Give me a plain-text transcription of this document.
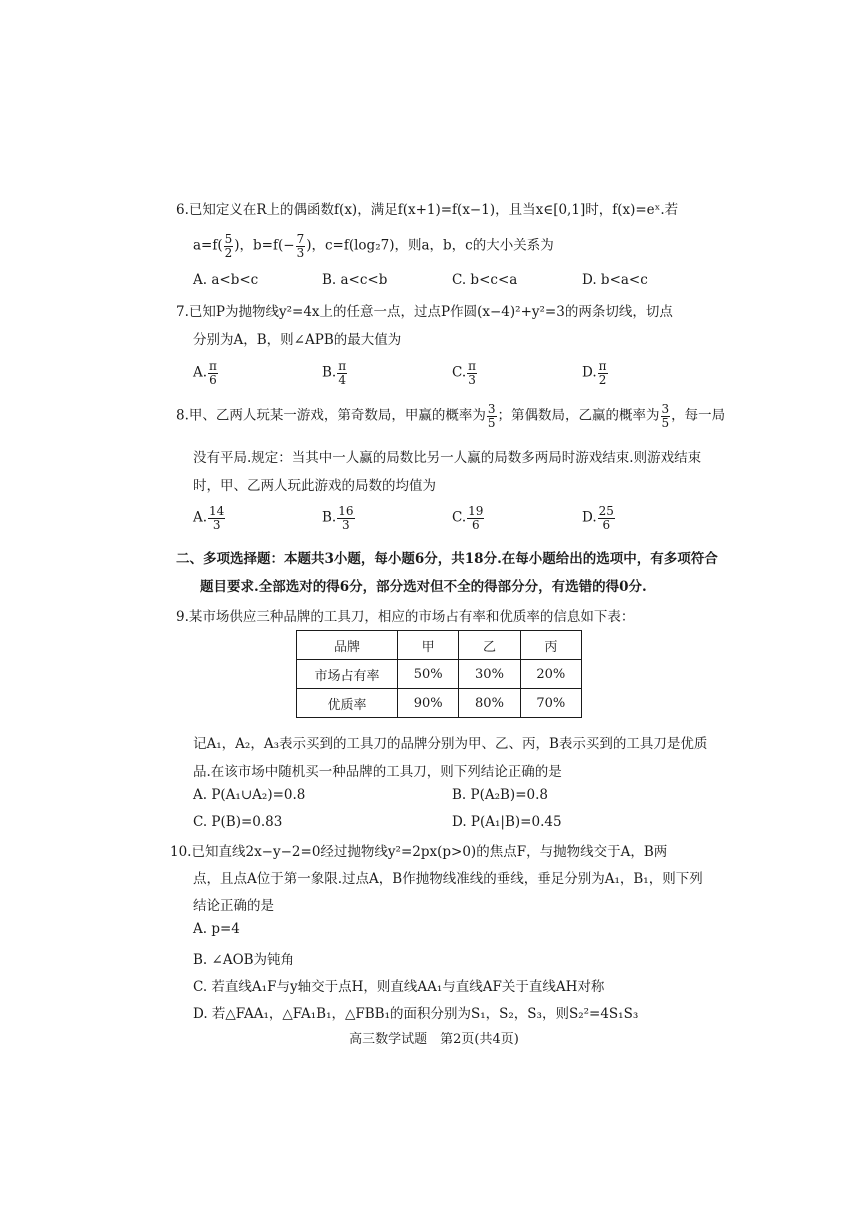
6.已知定义在R上的偶函数f(x)，满足f(x+1)=f(x−1)，且当x∈[0,1]时，f(x)=eˣ.若
$a=f( \frac{5}{2}$ )，$b=f(- \frac{7}{3}$ )，c=f(log₂7)，则a，b，c的大小关系为
A. a<b<c	B. a<c<b	C. b<c<a	D. b<a<c
7.已知P为抛物线y²=4x上的任意一点，过点P作圆(x−4)²+y²=3的两条切线，切点
分别为A，B，则∠APB的最大值为
A. $\frac{\pi}{6}$	B. $\frac{\pi}{4}$	C. $\frac{\pi}{3}$	D. $\frac{\pi}{2}$
8.甲、乙两人玩某一游戏，第奇数局，甲赢的概率为 $\frac{3}{5}$ ；第偶数局，乙赢的概率为 $\frac{3}{5}$ ，每一局
没有平局.规定：当其中一人赢的局数比另一人赢的局数多两局时游戏结束.则游戏结束
时，甲、乙两人玩此游戏的局数的均值为
A. $\frac{14}{3}$	B. $\frac{16}{3}$	C. $\frac{19}{6}$	D. $\frac{25}{6}$
二、多项选择题：本题共3小题，每小题6分，共18分.在每小题给出的选项中，有多项符合
题目要求.全部选对的得6分，部分选对但不全的得部分分，有选错的得0分.
9.某市场供应三种品牌的工具刀，相应的市场占有率和优质率的信息如下表：
品牌	甲	乙	丙
市场占有率	50%	30%	20%
优质率	90%	80%	70%
记A₁，A₂，A₃表示买到的工具刀的品牌分别为甲、乙、丙，B表示买到的工具刀是优质
品.在该市场中随机买一种品牌的工具刀，则下列结论正确的是
A. P(A₁∪A₂)=0.8	B. P(A₂B)=0.8
C. P(B)=0.83	D. P(A₁|B)=0.45
10.已知直线2x−y−2=0经过抛物线y²=2px(p>0)的焦点F，与抛物线交于A，B两
点，且点A位于第一象限.过点A，B作抛物线准线的垂线，垂足分别为A₁，B₁，则下列
结论正确的是
A. p=4
B. ∠AOB为钝角
C. 若直线A₁F与y轴交于点H，则直线AA₁与直线AF关于直线AH对称
D. 若△FAA₁，△FA₁B₁，△FBB₁的面积分别为S₁，S₂，S₃，则S₂²=4S₁S₃
高三数学试题　第2页(共4页)
